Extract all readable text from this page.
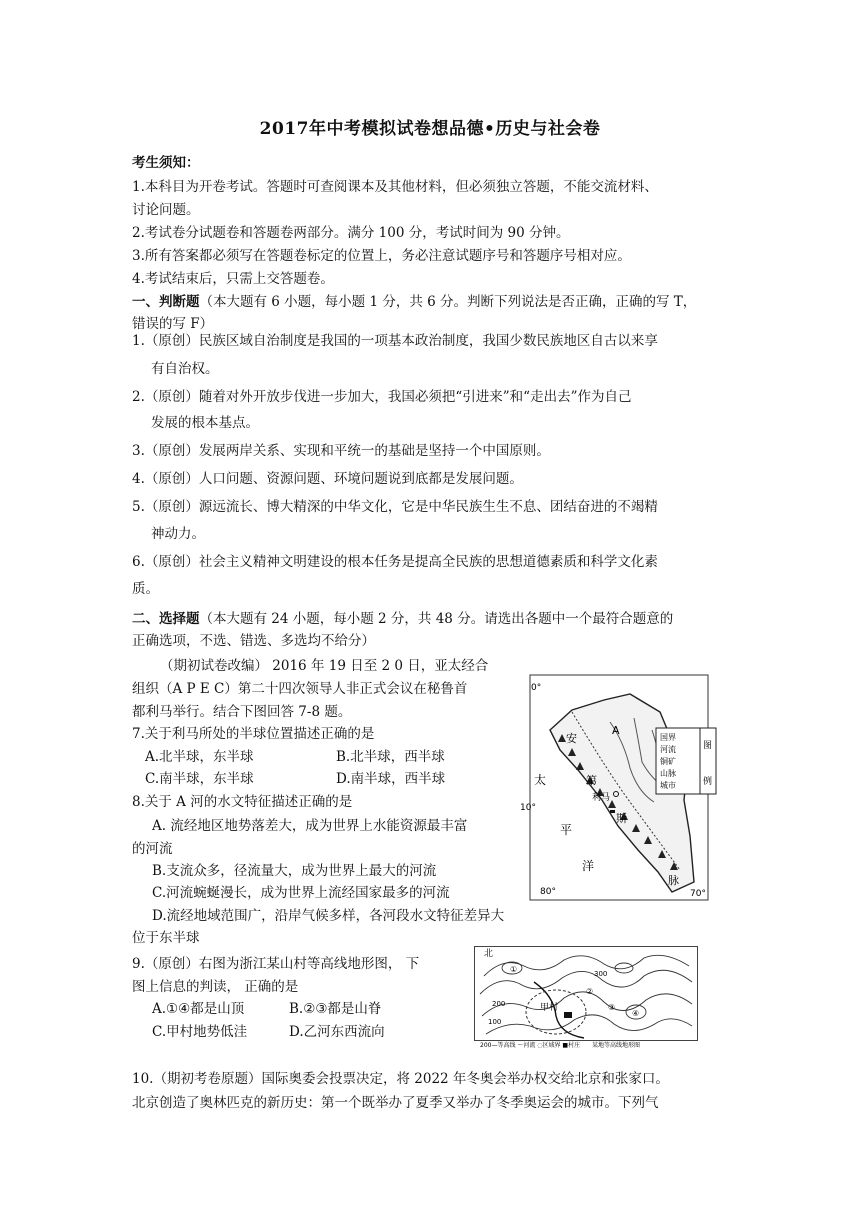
2017年中考模拟试卷想品德•历史与社会卷
考生须知：
1.本科目为开卷考试。答题时可查阅课本及其他材料，但必须独立答题，不能交流材料、
讨论问题。
2.考试卷分试题卷和答题卷两部分。满分 100 分，考试时间为 90 分钟。
3.所有答案都必须写在答题卷标定的位置上，务必注意试题序号和答题序号相对应。
4.考试结束后，只需上交答题卷。
一、判断题（本大题有 6 小题，每小题 1 分，共 6 分。判断下列说法是否正确，正确的写 T，
错误的写 F）
1.（原创）民族区域自治制度是我国的一项基本政治制度，我国少数民族地区自古以来享
有自治权。
2.（原创）随着对外开放步伐进一步加大，我国必须把“引进来”和“走出去”作为自己
发展的根本基点。
3.（原创）发展两岸关系、实现和平统一的基础是坚持一个中国原则。
4.（原创）人口问题、资源问题、环境问题说到底都是发展问题。
5.（原创）源远流长、博大精深的中华文化，它是中华民族生生不息、团结奋进的不竭精
神动力。
6.（原创）社会主义精神文明建设的根本任务是提高全民族的思想道德素质和科学文化素
质。
二、选择题（本大题有 24 小题，每小题 2 分，共 48 分。请选出各题中一个最符合题意的
正确选项，不选、错选、多选均不给分）
（期初试卷改编） 2016 年 19 日至 2 0 日，亚太经合
组织（A P E C）第二十四次领导人非正式会议在秘鲁首
都利马举行。结合下图回答 7-8 题。
7.关于利马所处的半球位置描述正确的是
A.北半球，东半球	B.北半球，西半球
C.南半球，东半球	D.南半球，西半球
8.关于 A 河的水文特征描述正确的是
A. 流经地区地势落差大，成为世界上水能资源最丰富
的河流
B.支流众多，径流量大，成为世界上最大的河流
C.河流蜿蜒漫长，成为世界上流经国家最多的河流
D.流经地域范围广，沿岸气候多样，各河段水文特征差异大
位于东半球
9.（原创）右图为浙江某山村等高线地形图， 下
图上信息的判读， 正确的是
A.①④都是山顶	B.②③都是山脊
C.甲村地势低洼	D.乙河东西流向
10.（期初考卷原题）国际奥委会投票决定，将 2022 年冬奥会举办权交给北京和张家口。
北京创造了奥林匹克的新历史：第一个既举办了夏季又举办了冬季奥运会的城市。下列气
0°
10°
80°	70°
A
安
第
斯
脉
利马
太
平
洋
国界
河流
铜矿
山脉
城市
图
例
北
甲村
200
100
300
①
②
③
④
200—等高线 ～河流 ◌区域界 ■村庄 某地等高线地形图
